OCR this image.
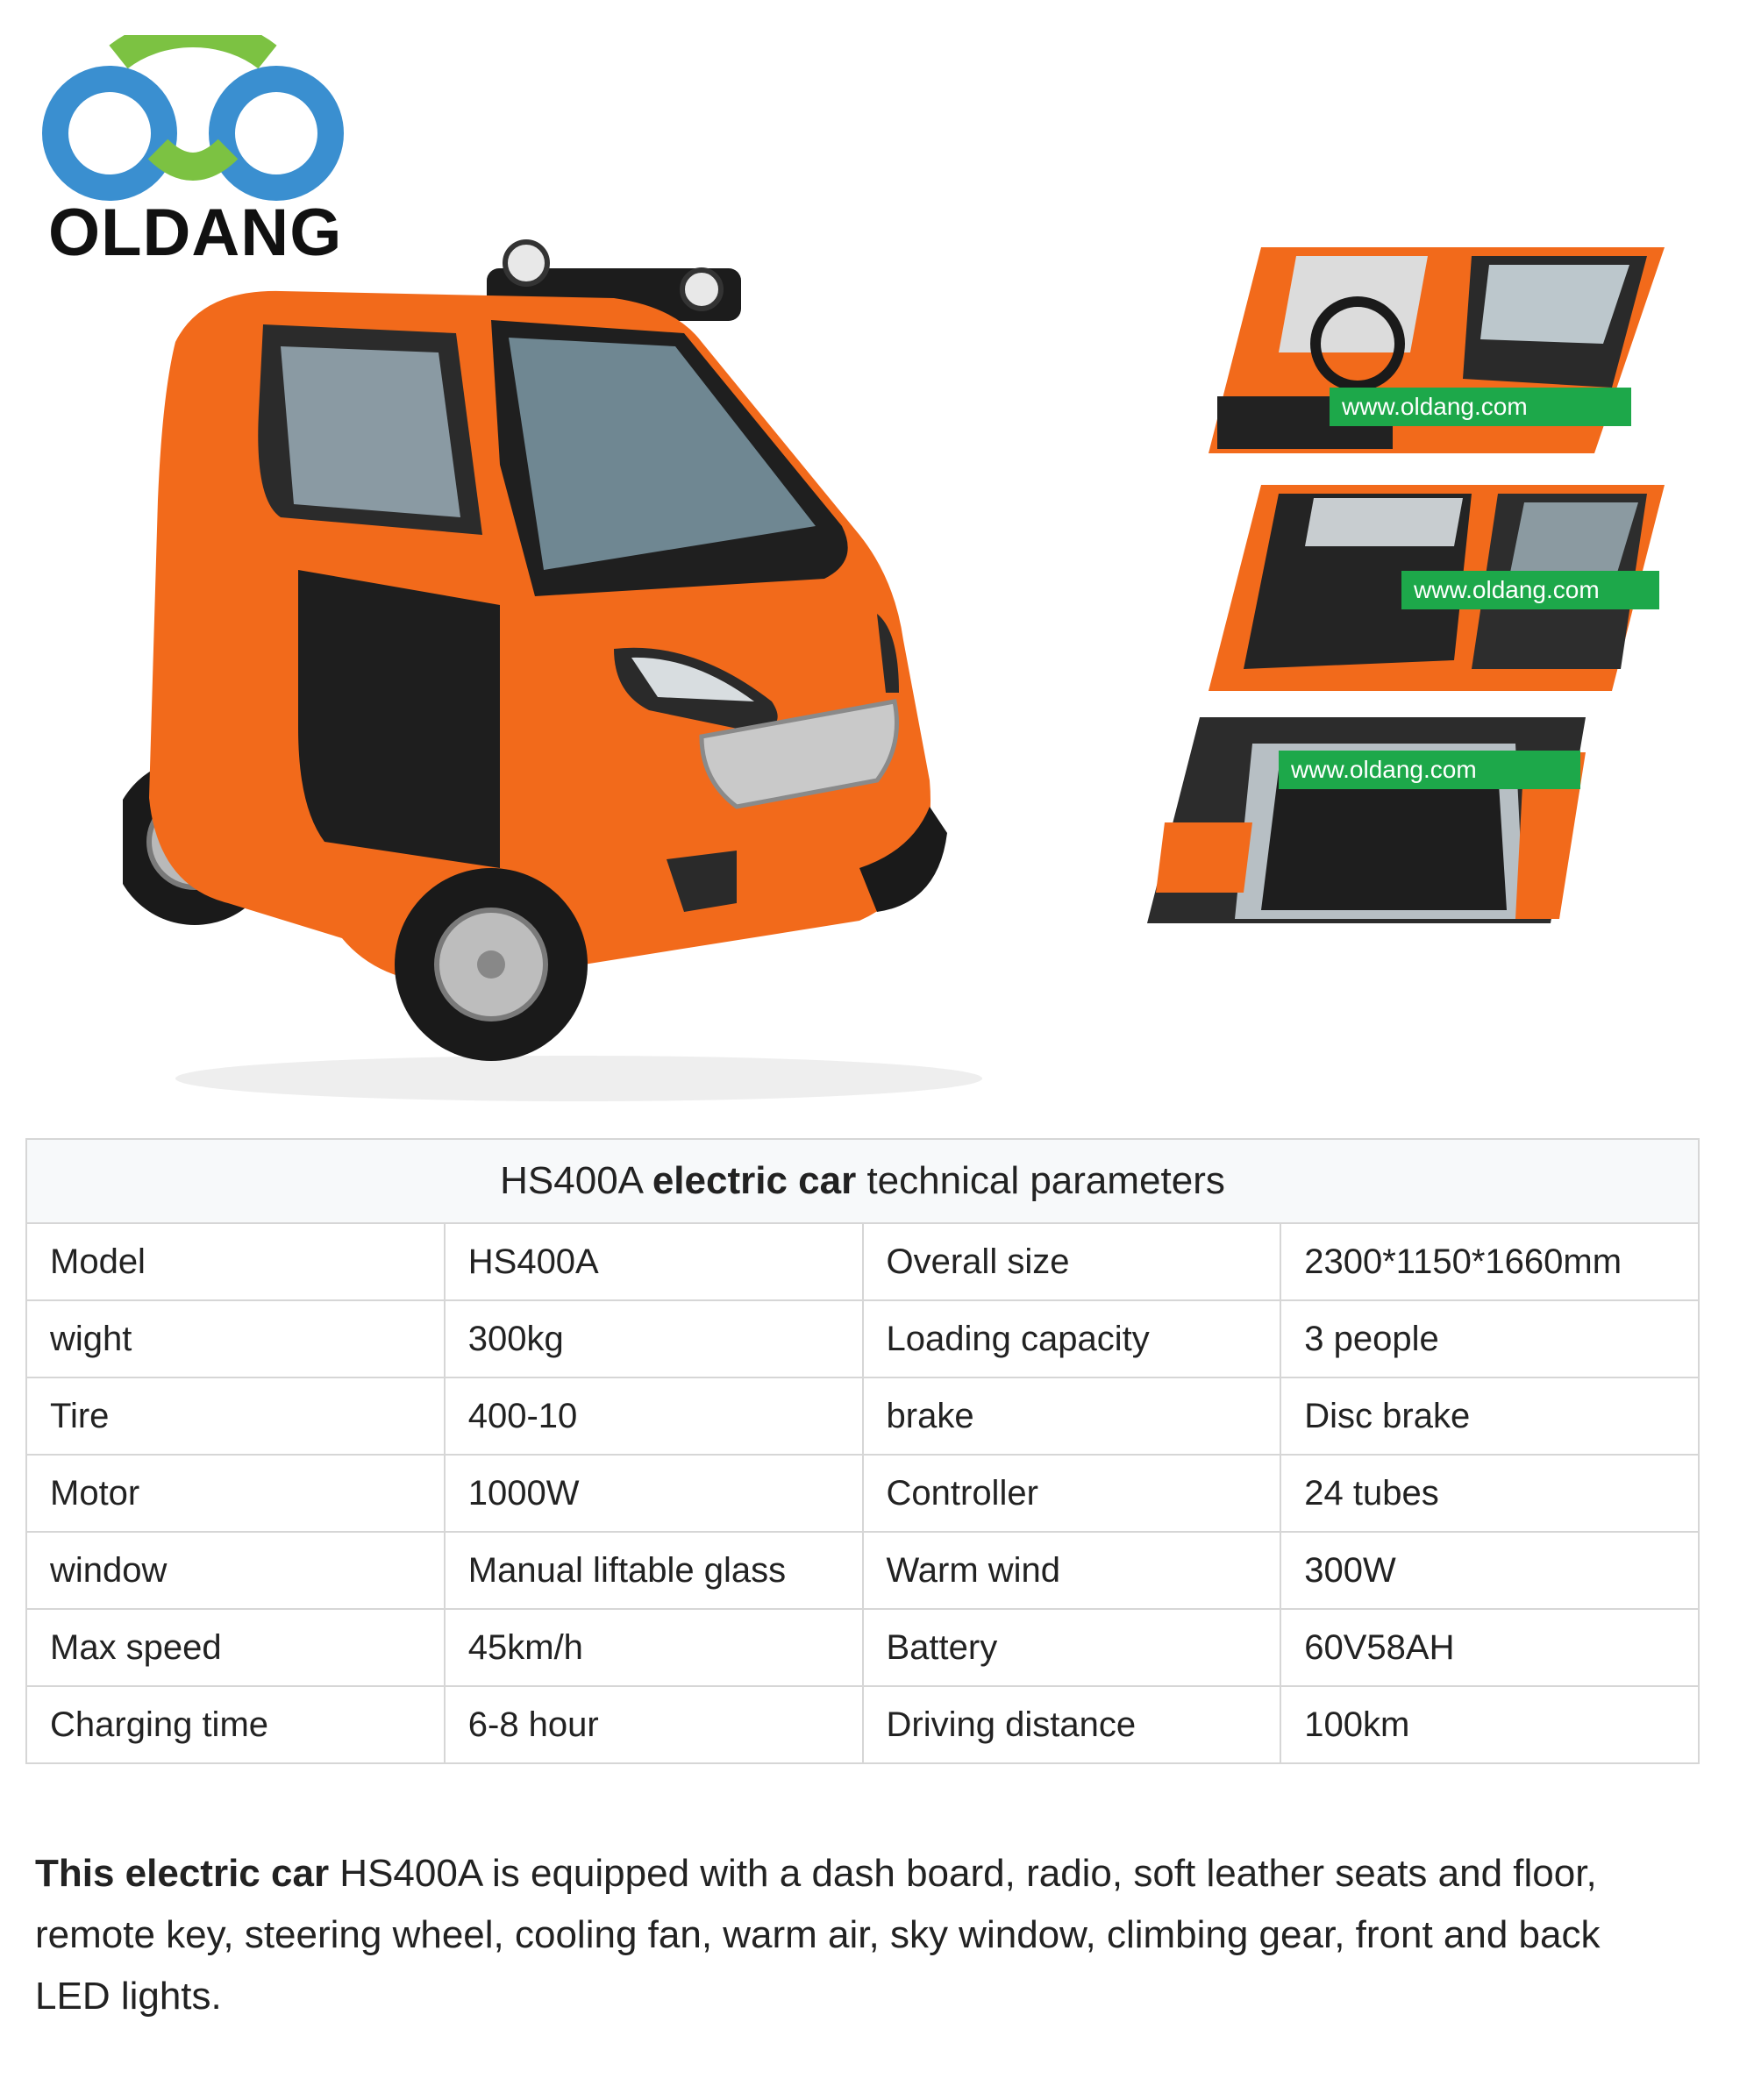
OLDANG
www.oldang.com
www.oldang.com
www.oldang.com
HS400A electric car technical parameters			
Model	HS400A	Overall size	2300*1150*1660mm
wight	300kg	Loading capacity	3 people
Tire	400-10	brake	Disc brake
Motor	1000W	Controller	24 tubes
window	Manual liftable glass	Warm wind	300W
Max speed	45km/h	Battery	60V58AH
Charging time	6-8 hour	Driving distance	100km

This electric car HS400A is equipped with a dash board, radio, soft leather seats and floor, remote key, steering wheel, cooling fan, warm air, sky window, climbing gear, front and back LED lights.
